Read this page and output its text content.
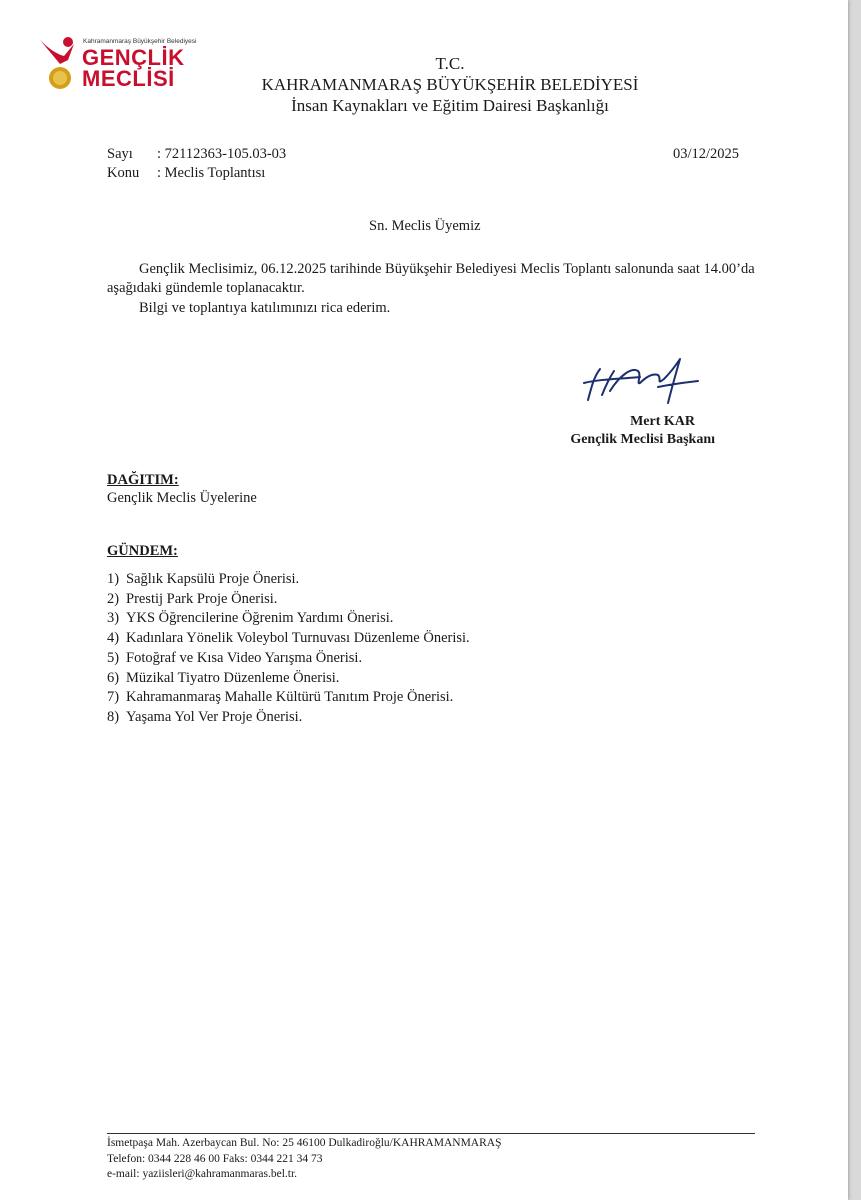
Kahramanmaraş Büyükşehir Belediyesi
GENÇLİK
MECLİSİ
T.C.
KAHRAMANMARAŞ BÜYÜKŞEHİR BELEDİYESİ
İnsan Kaynakları ve Eğitim Dairesi Başkanlığı
Sayı : 72112363-105.03-03
Konu : Meclis Toplantısı
03/12/2025
Sn. Meclis Üyemiz

Gençlik Meclisimiz, 06.12.2025 tarihinde Büyükşehir Belediyesi Meclis Toplantı salonunda saat 14.00’da aşağıdaki gündemle toplanacaktır.

Bilgi ve toplantıya katılımınızı rica ederim.
Mert KAR
Gençlik Meclisi Başkanı
DAĞITIM:
Gençlik Meclis Üyelerine
GÜNDEM:
1) Sağlık Kapsülü Proje Önerisi.
2) Prestij Park Proje Önerisi.
3) YKS Öğrencilerine Öğrenim Yardımı Önerisi.
4) Kadınlara Yönelik Voleybol Turnuvası Düzenleme Önerisi.
5) Fotoğraf ve Kısa Video Yarışma Önerisi.
6) Müzikal Tiyatro Düzenleme Önerisi.
7) Kahramanmaraş Mahalle Kültürü Tanıtım Proje Önerisi.
8) Yaşama Yol Ver Proje Önerisi.
İsmetpaşa Mah. Azerbaycan Bul. No: 25 46100 Dulkadiroğlu/KAHRAMANMARAŞ
Telefon: 0344 228 46 00 Faks: 0344 221 34 73
e-mail: yaziisleri@kahramanmaras.bel.tr.
